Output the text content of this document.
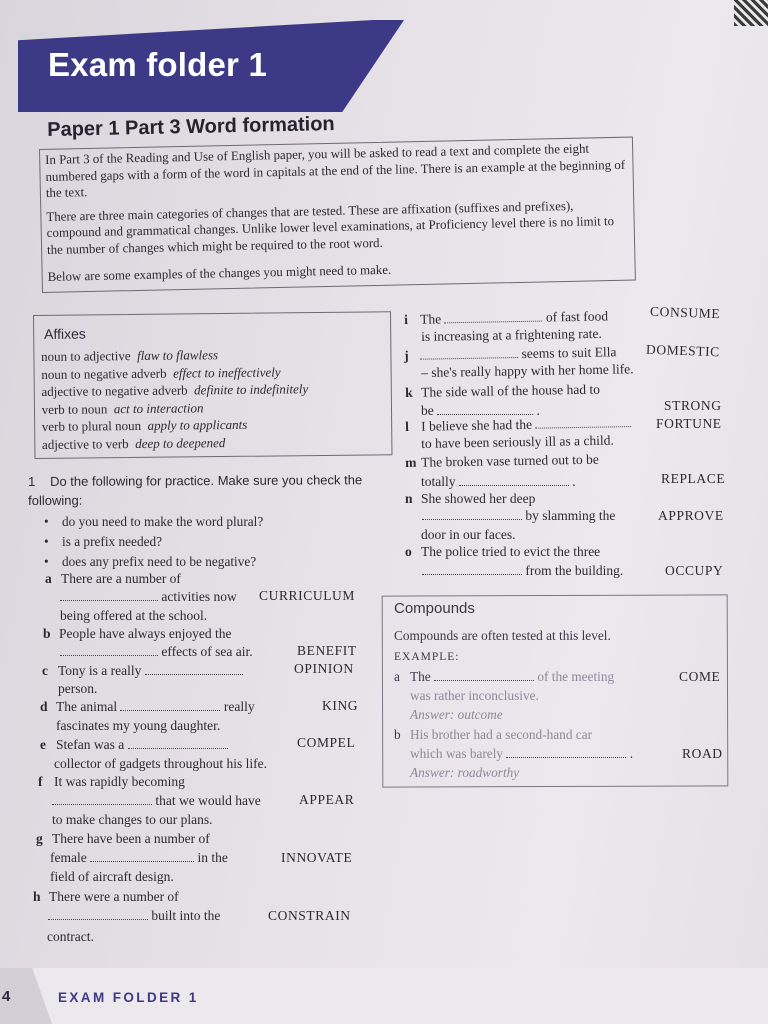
Exam folder 1
Paper 1 Part 3 Word formation

In Part 3 of the Reading and Use of English paper, you will be asked to read a text and complete the eight numbered gaps with a form of the word in capitals at the end of the line. There is an example at the beginning of the text.

There are three main categories of changes that are tested. These are affixation (suffixes and prefixes), compound and grammatical changes. Unlike lower level examinations, at Proficiency level there is no limit to the number of changes which might be required to the root word.

Below are some examples of the changes you might need to make.

Affixes
noun to adjective flaw to flawless
noun to negative adverb effect to ineffectively
adjective to negative adverb definite to indefinitely
verb to noun act to interaction
verb to plural noun apply to applicants
adjective to verb deep to deepened
1 Do the following for practice. Make sure you check the following:
• do you need to make the word plural?
• is a prefix needed?
• does any prefix need to be negative?
a There are a number of
activities now CURRICULUM
being offered at the school.
b People have always enjoyed the
effects of sea air.	BENEFIT
c Tony is a really	OPINION
person.
d The animal	really	KING
fascinates my young daughter.
e Stefan was a	COMPEL
collector of gadgets throughout his life.
f It was rapidly becoming
that we would have	APPEAR
to make changes to our plans.
g There have been a number of
female	in the	INNOVATE
field of aircraft design.
h There were a number of
built into the	CONSTRAIN
contract.
i The	of fast food	CONSUME
is increasing at a frightening rate.
j	seems to suit Ella DOMESTIC
– she's really happy with her home life.
k The side wall of the house had to
be	.	STRONG
l I believe she had the	FORTUNE
to have been seriously ill as a child.
m The broken vase turned out to be
totally	.	REPLACE
n She showed her deep
by slamming the	APPROVE
door in our faces.
o The police tried to evict the three
from the building.	OCCUPY
Compounds
Compounds are often tested at this level.
EXAMPLE:
a The	of the meeting	COME
was rather inconclusive.
Answer: outcome
b His brother had a second-hand car
which was barely	.	ROAD
Answer: roadworthy
4	EXAM FOLDER 1
